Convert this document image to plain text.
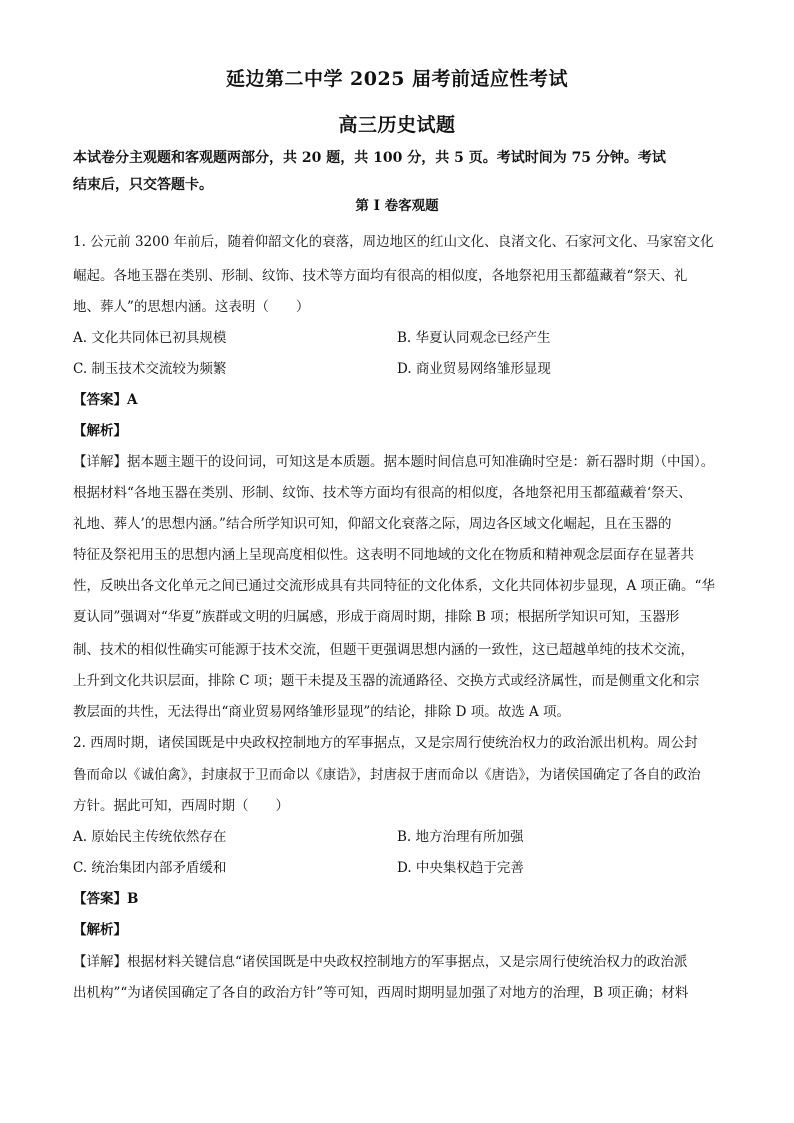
延边第二中学 2025 届考前适应性考试
高三历史试题
本试卷分主观题和客观题两部分，共 20 题，共 100 分，共 5 页。考试时间为 75 分钟。考试
结束后，只交答题卡。
第 I 卷客观题
1. 公元前 3200 年前后，随着仰韶文化的衰落，周边地区的红山文化、良渚文化、石家河文化、马家窑文化
崛起。各地玉器在类别、形制、纹饰、技术等方面均有很高的相似度，各地祭祀用玉都蕴藏着“祭天、礼
地、葬人”的思想内涵。这表明（　　）
A. 文化共同体已初具规模	B. 华夏认同观念已经产生
C. 制玉技术交流较为频繁	D. 商业贸易网络雏形显现
【答案】A
【解析】
【详解】据本题主题干的设问词，可知这是本质题。据本题时间信息可知准确时空是：新石器时期（中国）。
根据材料“各地玉器在类别、形制、纹饰、技术等方面均有很高的相似度，各地祭祀用玉都蕴藏着‘祭天、
礼地、葬人’的思想内涵。”结合所学知识可知，仰韶文化衰落之际，周边各区域文化崛起，且在玉器的
特征及祭祀用玉的思想内涵上呈现高度相似性。这表明不同地域的文化在物质和精神观念层面存在显著共
性，反映出各文化单元之间已通过交流形成具有共同特征的文化体系，文化共同体初步显现，A 项正确。“华
夏认同”强调对“华夏”族群或文明的归属感，形成于商周时期，排除 B 项；根据所学知识可知，玉器形
制、技术的相似性确实可能源于技术交流，但题干更强调思想内涵的一致性，这已超越单纯的技术交流，
上升到文化共识层面，排除 C 项；题干未提及玉器的流通路径、交换方式或经济属性，而是侧重文化和宗
教层面的共性，无法得出“商业贸易网络雏形显现”的结论，排除 D 项。故选 A 项。
2. 西周时期，诸侯国既是中央政权控制地方的军事据点，又是宗周行使统治权力的政治派出机构。周公封
鲁而命以《诚伯禽》，封康叔于卫而命以《康诰》，封唐叔于唐而命以《唐诰》，为诸侯国确定了各自的政治
方针。据此可知，西周时期（　　）
A. 原始民主传统依然存在	B. 地方治理有所加强
C. 统治集团内部矛盾缓和	D. 中央集权趋于完善
【答案】B
【解析】
【详解】根据材料关键信息“诸侯国既是中央政权控制地方的军事据点，又是宗周行使统治权力的政治派
出机构”“为诸侯国确定了各自的政治方针”等可知，西周时期明显加强了对地方的治理，B 项正确；材料
